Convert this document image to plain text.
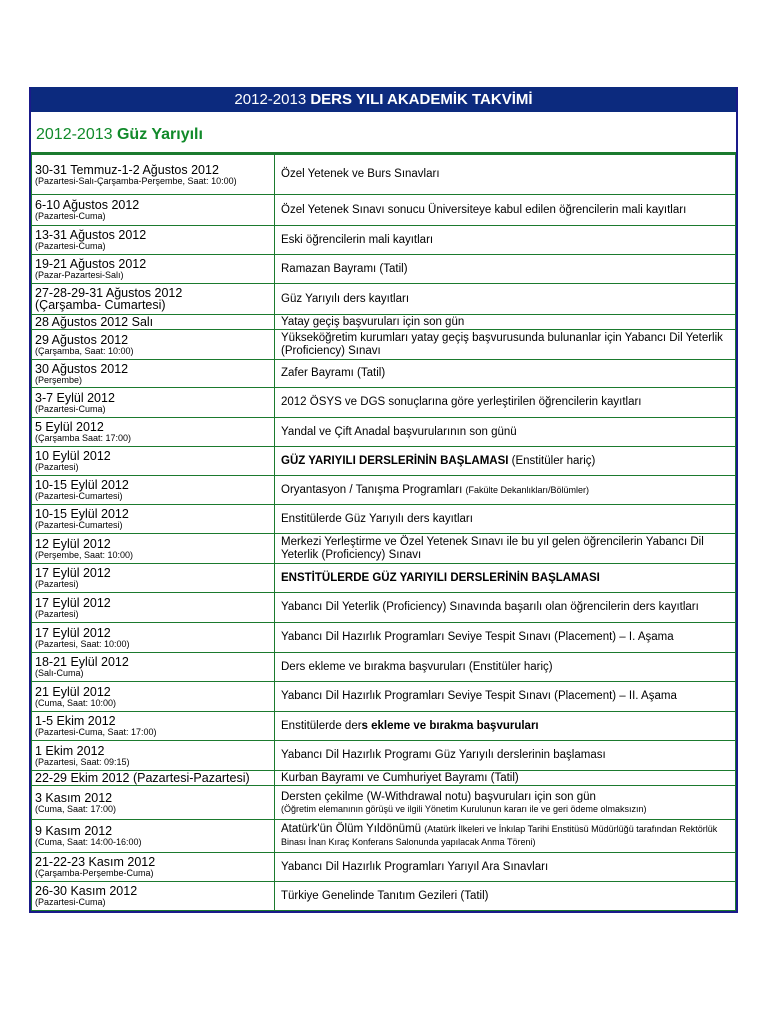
2012-2013 DERS YILI AKADEMİK TAKVİMİ
2012-2013 Güz Yarıyılı
30-31 Temmuz-1-2 Ağustos 2012
(Pazartesi-Salı-Çarşamba-Perşembe, Saat: 10:00)	Özel Yetenek ve Burs Sınavları

6-10 Ağustos 2012
(Pazartesi-Cuma)	Özel Yetenek Sınavı sonucu Üniversiteye kabul edilen öğrencilerin mali kayıtları

13-31 Ağustos 2012
(Pazartesi-Cuma)	Eski öğrencilerin mali kayıtları

19-21 Ağustos 2012
(Pazar-Pazartesi-Salı)	Ramazan Bayramı (Tatil)

27-28-29-31 Ağustos 2012
(Çarşamba- Cumartesi)	Güz Yarıyılı ders kayıtları

28 Ağustos 2012 Salı	Yatay geçiş başvuruları için son gün

29 Ağustos 2012
(Çarşamba, Saat: 10:00)	Yükseköğretim kurumları yatay geçiş başvurusunda bulunanlar için Yabancı Dil Yeterlik (Proficiency) Sınavı

30 Ağustos 2012
(Perşembe)	Zafer Bayramı (Tatil)

3-7 Eylül 2012
(Pazartesi-Cuma)	2012 ÖSYS ve DGS sonuçlarına göre yerleştirilen öğrencilerin kayıtları

5 Eylül 2012
(Çarşamba Saat: 17:00)	Yandal ve Çift Anadal başvurularının son günü

10 Eylül 2012
(Pazartesi)	GÜZ YARIYILI DERSLERİNİN BAŞLAMASI (Enstitüler hariç)

10-15 Eylül 2012
(Pazartesi-Cumartesi)	Oryantasyon / Tanışma Programları (Fakülte Dekanlıkları/Bölümler)

10-15 Eylül 2012
(Pazartesi-Cumartesi)	Enstitülerde Güz Yarıyılı ders kayıtları

12 Eylül 2012
(Perşembe, Saat: 10:00)	Merkezi Yerleştirme ve Özel Yetenek Sınavı ile bu yıl gelen öğrencilerin Yabancı Dil Yeterlik (Proficiency) Sınavı

17 Eylül 2012
(Pazartesi)	ENSTİTÜLERDE GÜZ YARIYILI DERSLERİNİN BAŞLAMASI

17 Eylül 2012
(Pazartesi)	Yabancı Dil Yeterlik (Proficiency) Sınavında başarılı olan öğrencilerin ders kayıtları

17 Eylül 2012
(Pazartesi, Saat: 10:00)	Yabancı Dil Hazırlık Programları Seviye Tespit Sınavı (Placement) – I. Aşama

18-21 Eylül 2012
(Salı-Cuma)	Ders ekleme ve bırakma başvuruları (Enstitüler hariç)

21 Eylül 2012
(Cuma, Saat: 10:00)	Yabancı Dil Hazırlık Programları Seviye Tespit Sınavı (Placement) – II. Aşama

1-5 Ekim 2012
(Pazartesi-Cuma, Saat: 17:00)	Enstitülerde ders ekleme ve bırakma başvuruları

1 Ekim 2012
(Pazartesi, Saat: 09:15)	Yabancı Dil Hazırlık Programı Güz Yarıyılı derslerinin başlaması

22-29 Ekim 2012 (Pazartesi-Pazartesi)	Kurban Bayramı ve Cumhuriyet Bayramı (Tatil)

3 Kasım 2012
(Cuma, Saat: 17:00)	Dersten çekilme (W-Withdrawal notu) başvuruları için son gün
(Öğretim elemanının görüşü ve ilgili Yönetim Kurulunun kararı ile ve geri ödeme olmaksızın)

9 Kasım 2012
(Cuma, Saat: 14:00-16:00)	Atatürk'ün Ölüm Yıldönümü (Atatürk İlkeleri ve İnkılap Tarihi Enstitüsü Müdürlüğü tarafından Rektörlük Binası İnan Kıraç Konferans Salonunda yapılacak Anma Töreni)

21-22-23 Kasım 2012
(Çarşamba-Perşembe-Cuma)	Yabancı Dil Hazırlık Programları Yarıyıl Ara Sınavları

26-30 Kasım 2012
(Pazartesi-Cuma)	Türkiye Genelinde Tanıtım Gezileri (Tatil)
